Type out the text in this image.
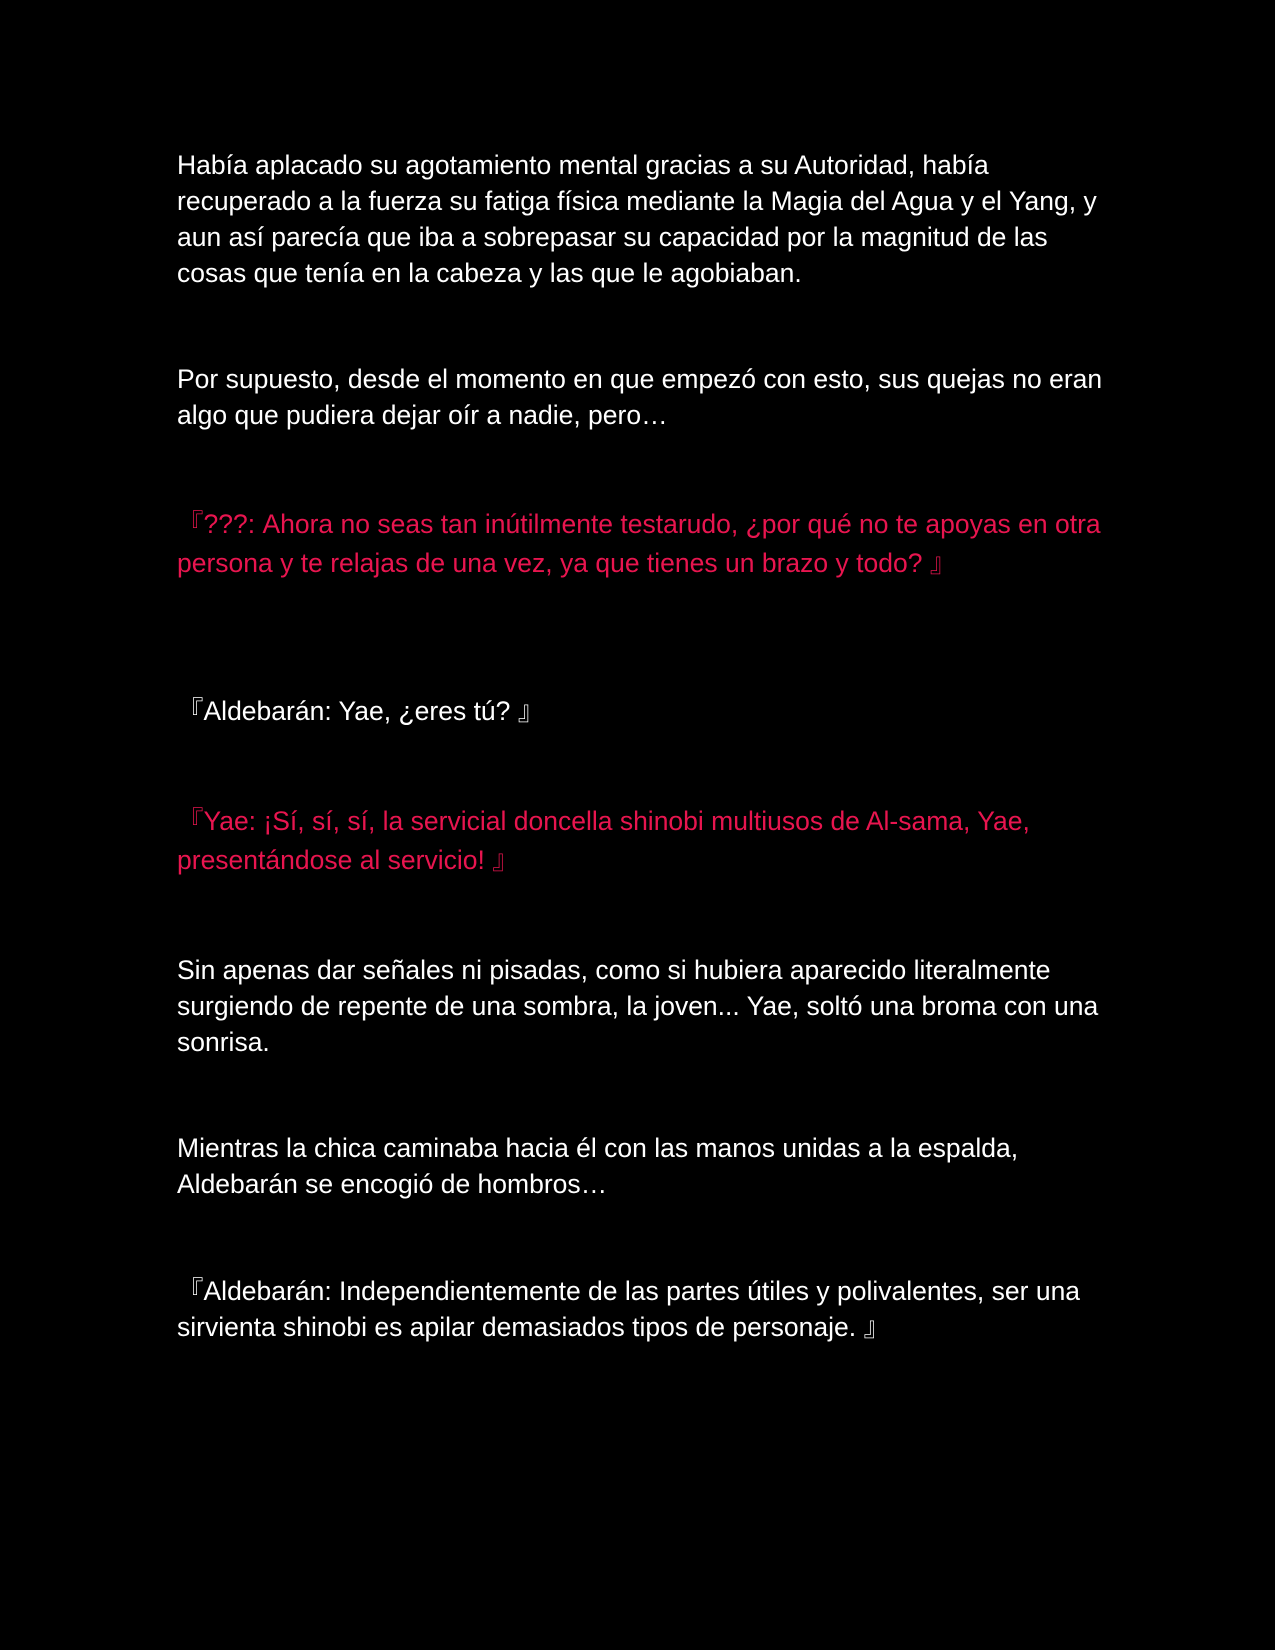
Había aplacado su agotamiento mental gracias a su Autoridad, había recuperado a la fuerza su fatiga física mediante la Magia del Agua y el Yang, y aun así parecía que iba a sobrepasar su capacidad por la magnitud de las cosas que tenía en la cabeza y las que le agobiaban.

Por supuesto, desde el momento en que empezó con esto, sus quejas no eran algo que pudiera dejar oír a nadie, pero…

『???: Ahora no seas tan inútilmente testarudo, ¿por qué no te apoyas en otra persona y te relajas de una vez, ya que tienes un brazo y todo? 』

『Aldebarán: Yae, ¿eres tú? 』

『Yae: ¡Sí, sí, sí, la servicial doncella shinobi multiusos de Al-sama, Yae, presentándose al servicio! 』

Sin apenas dar señales ni pisadas, como si hubiera aparecido literalmente surgiendo de repente de una sombra, la joven... Yae, soltó una broma con una sonrisa.

Mientras la chica caminaba hacia él con las manos unidas a la espalda, Aldebarán se encogió de hombros…

『Aldebarán: Independientemente de las partes útiles y polivalentes, ser una sirvienta shinobi es apilar demasiados tipos de personaje. 』
